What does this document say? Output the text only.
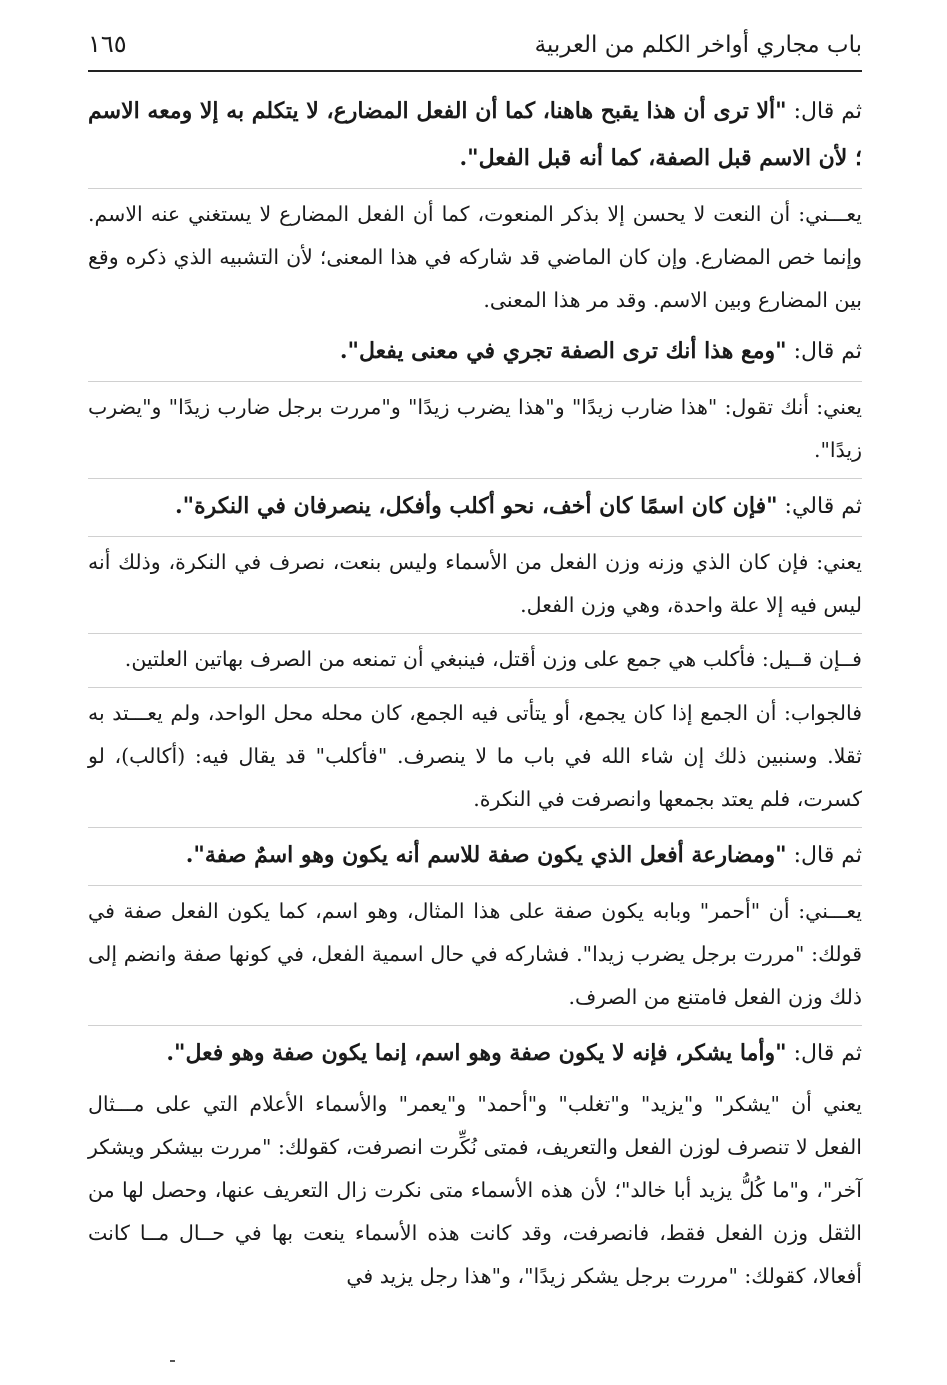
باب مجاري أواخر الكلم من العربية
١٦٥

ثم قال: "ألا ترى أن هذا يقبح هاهنا، كما أن الفعل المضارع، لا يتكلم به إلا ومعه الاسم ؛ لأن الاسم قبل الصفة، كما أنه قبل الفعل".

يعـــني: أن النعت لا يحسن إلا بذكر المنعوت، كما أن الفعل المضارع لا يستغني عنه الاسم. وإنما خص المضارع. وإن كان الماضي قد شاركه في هذا المعنى؛ لأن التشبيه الذي ذكره وقع بين المضارع وبين الاسم. وقد مر هذا المعنى.

ثم قال: "ومع هذا أنك ترى الصفة تجري في معنى يفعل".

يعني: أنك تقول: "هذا ضارب زيدًا" و"هذا يضرب زيدًا" و"مررت برجل ضارب زيدًا" و"يضرب زيدًا".

ثم قالي: "فإن كان اسمًا كان أخف، نحو أكلب وأفكل، ينصرفان في النكرة".

يعني: فإن كان الذي وزنه وزن الفعل من الأسماء وليس بنعت، نصرف في النكرة، وذلك أنه ليس فيه إلا علة واحدة، وهي وزن الفعل.

فــإن قــيل: فأكلب هي جمع على وزن أقتل، فينبغي أن تمنعه من الصرف بهاتين العلتين.

فالجواب: أن الجمع إذا كان يجمع، أو يتأتى فيه الجمع، كان محله محل الواحد، ولم يعـــتد به ثقلا. وسنبين ذلك إن شاء الله في باب ما لا ينصرف. "فأكلب" قد يقال فيه: (أكالب)، لو كسرت، فلم يعتد بجمعها وانصرفت في النكرة.

ثم قال: "ومضارعة أفعل الذي يكون صفة للاسم أنه يكون وهو اسمٌ صفة".

يعـــني: أن "أحمر" وبابه يكون صفة على هذا المثال، وهو اسم، كما يكون الفعل صفة في قولك: "مررت برجل يضرب زيدا". فشاركه في حال اسمية الفعل، في كونها صفة وانضم إلى ذلك وزن الفعل فامتنع من الصرف.

ثم قال: "وأما يشكر، فإنه لا يكون صفة وهو اسم، إنما يكون صفة وهو فعل".

يعني أن "يشكر" و"يزيد" و"تغلب" و"أحمد" و"يعمر" والأسماء الأعلام التي على مـــثال الفعل لا تنصرف لوزن الفعل والتعريف، فمتى نُكِّرت انصرفت، كقولك: "مررت بيشكر ويشكر آخر"، و"ما كُلُّ يزيد أبا خالد"؛ لأن هذه الأسماء متى نكرت زال التعريف عنها، وحصل لها من الثقل وزن الفعل فقط، فانصرفت، وقد كانت هذه الأسماء ينعت بها في حــال مــا كانت أفعالا، كقولك: "مررت برجل يشكر زيدًا"، و"هذا رجل يزيد في
